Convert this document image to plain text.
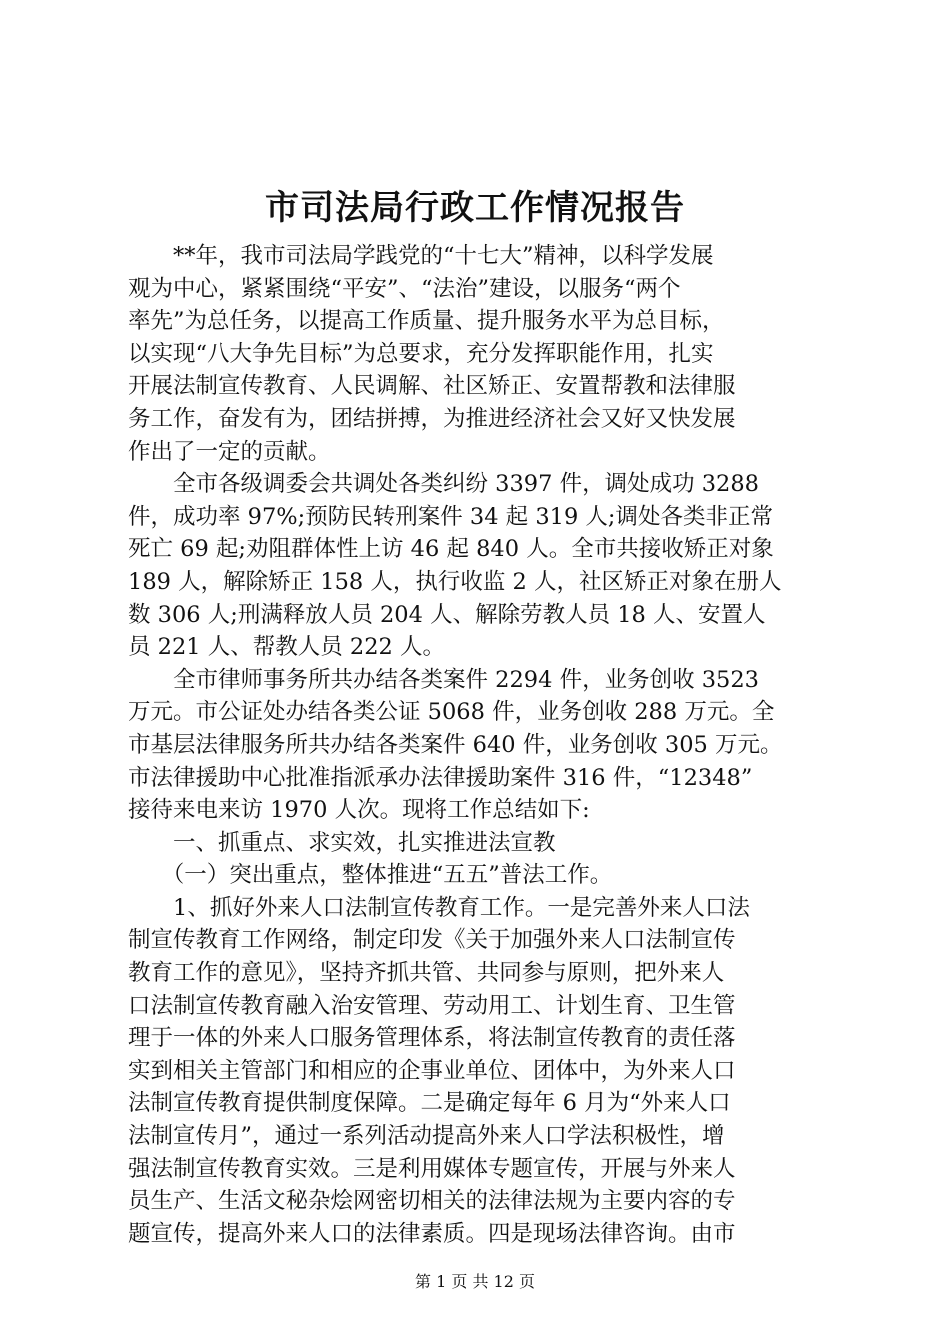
市司法局行政工作情况报告
　　**年，我市司法局学践党的“十七大”精神，以科学发展
观为中心，紧紧围绕“平安”、“法治”建设，以服务“两个
率先”为总任务，以提高工作质量、提升服务水平为总目标，
以实现“八大争先目标”为总要求，充分发挥职能作用，扎实
开展法制宣传教育、人民调解、社区矫正、安置帮教和法律服
务工作，奋发有为，团结拼搏，为推进经济社会又好又快发展
作出了一定的贡献。
　　全市各级调委会共调处各类纠纷 3397 件，调处成功 3288
件，成功率 97%;预防民转刑案件 34 起 319 人;调处各类非正常
死亡 69 起;劝阻群体性上访 46 起 840 人。全市共接收矫正对象
189 人，解除矫正 158 人，执行收监 2 人，社区矫正对象在册人
数 306 人;刑满释放人员 204 人、解除劳教人员 18 人、安置人
员 221 人、帮教人员 222 人。
　　全市律师事务所共办结各类案件 2294 件，业务创收 3523
万元。市公证处办结各类公证 5068 件，业务创收 288 万元。全
市基层法律服务所共办结各类案件 640 件，业务创收 305 万元。
市法律援助中心批准指派承办法律援助案件 316 件，“12348”
接待来电来访 1970 人次。现将工作总结如下:
　　一、抓重点、求实效，扎实推进法宣教
　　（一）突出重点，整体推进“五五”普法工作。
　　1、抓好外来人口法制宣传教育工作。一是完善外来人口法
制宣传教育工作网络，制定印发《关于加强外来人口法制宣传
教育工作的意见》，坚持齐抓共管、共同参与原则，把外来人
口法制宣传教育融入治安管理、劳动用工、计划生育、卫生管
理于一体的外来人口服务管理体系，将法制宣传教育的责任落
实到相关主管部门和相应的企事业单位、团体中，为外来人口
法制宣传教育提供制度保障。二是确定每年 6 月为“外来人口
法制宣传月”，通过一系列活动提高外来人口学法积极性，增
强法制宣传教育实效。三是利用媒体专题宣传，开展与外来人
员生产、生活文秘杂烩网密切相关的法律法规为主要内容的专
题宣传，提高外来人口的法律素质。四是现场法律咨询。由市
第 1 页 共 12 页
